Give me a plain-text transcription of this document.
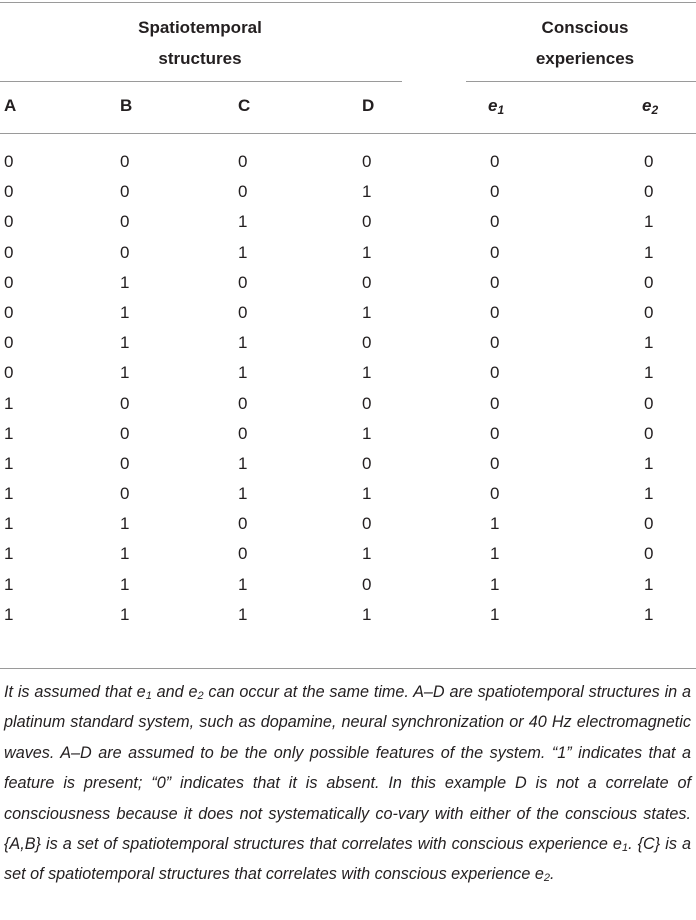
Spatiotemporal
structures
Conscious
experiences
A	B	C	D	$e_1$	$e_2$
0	0	0	0	0	0
0	0	0	1	0	0
0	0	1	0	0	1
0	0	1	1	0	1
0	1	0	0	0	0
0	1	0	1	0	0
0	1	1	0	0	1
0	1	1	1	0	1
1	0	0	0	0	0
1	0	0	1	0	0
1	0	1	0	0	1
1	0	1	1	0	1
1	1	0	0	1	0
1	1	0	1	1	0
1	1	1	0	1	1
1	1	1	1	1	1
It is assumed that $e_1$ and $e_2$ can occur at the same time. A–D are spatiotemporal structures in a platinum standard system, such as dopamine, neural synchronization or 40 Hz electromagnetic waves. A–D are assumed to be the only possible features of the system. “1” indicates that a feature is present; “0” indicates that it is absent. In this example D is not a correlate of consciousness because it does not systematically co-vary with either of the conscious states. {A,B} is a set of spatiotemporal structures that correlates with conscious experience $e_1$. {C} is a set of spatiotemporal structures that correlates with conscious experience $e_2$.
